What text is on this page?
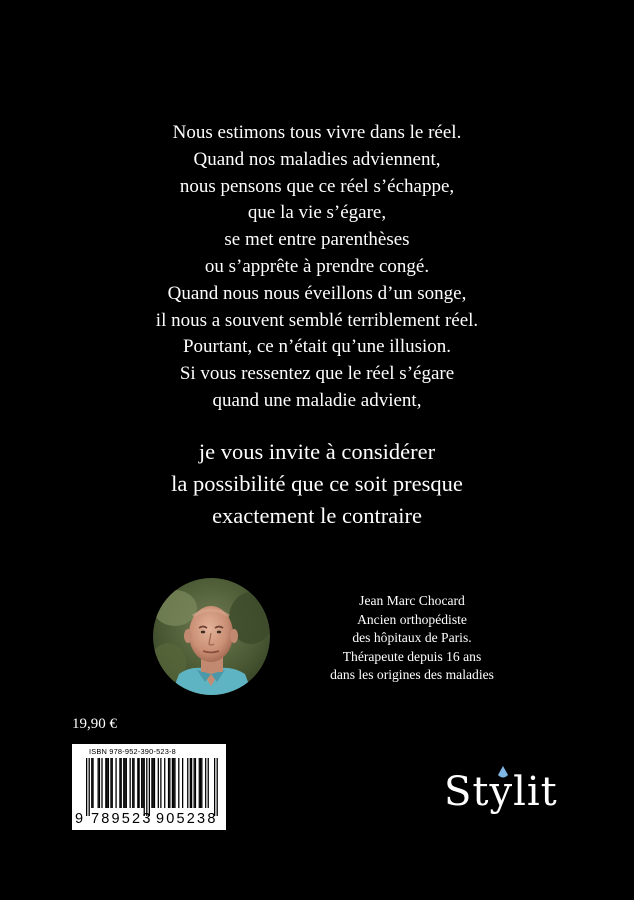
Nous estimons tous vivre dans le réel.
Quand nos maladies adviennent,
nous pensons que ce réel s’échappe,
que la vie s’égare,
se met entre parenthèses
ou s’apprête à prendre congé.
Quand nous nous éveillons d’un songe,
il nous a souvent semblé terriblement réel.
Pourtant, ce n’était qu’une illusion.
Si vous ressentez que le réel s’égare
quand une maladie advient,
je vous invite à considérer
la possibilité que ce soit presque
exactement le contraire
Jean Marc Chocard
Ancien orthopédiste
des hôpitaux de Paris.
Thérapeute depuis 16 ans
dans les origines des maladies
19,90 €
ISBN 978-952-390-523-8
9 789523 905238
Stylit
